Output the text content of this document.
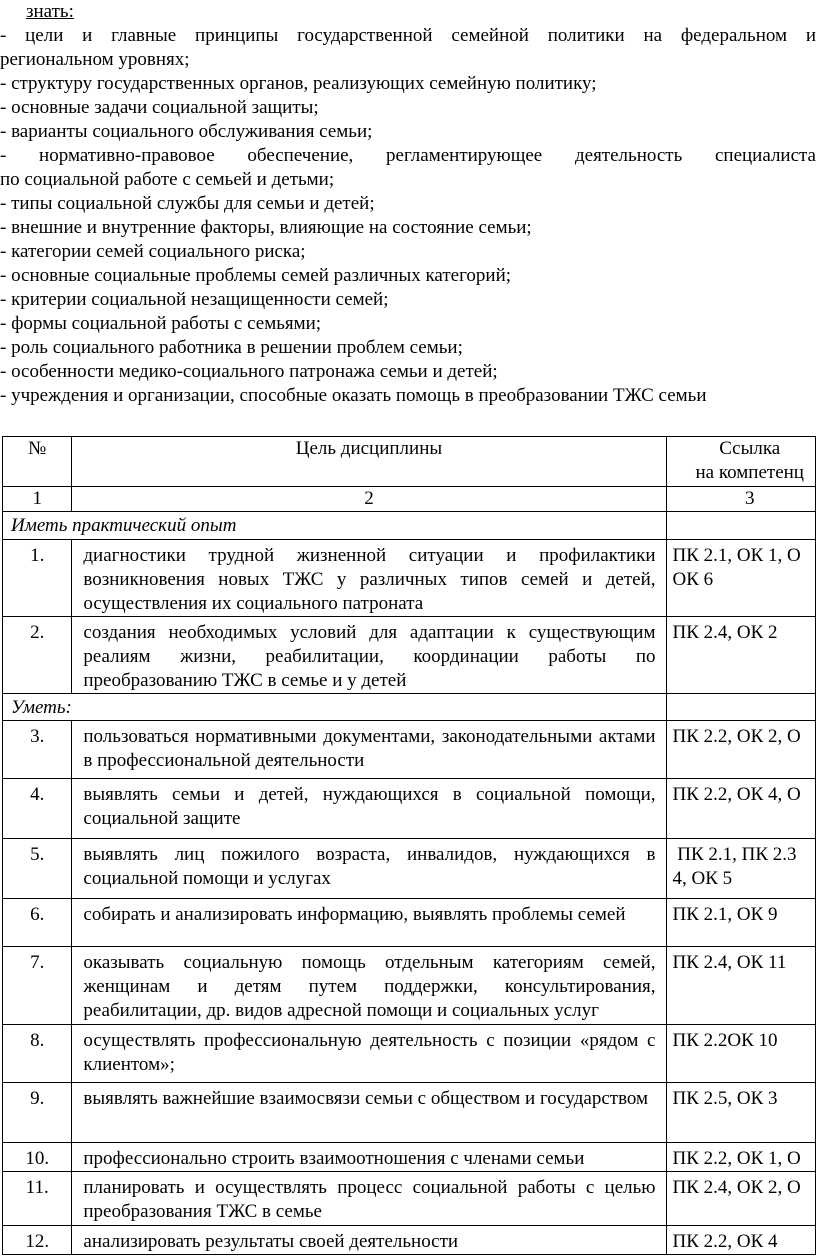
знать:
- цели и главные принципы государственной семейной политики на федеральном и
региональном уровнях;
- структуру государственных органов, реализующих семейную политику;
- основные задачи социальной защиты;
- варианты социального обслуживания семьи;
- нормативно-правовое обеспечение, регламентирующее деятельность специалиста
по социальной работе с семьей и детьми;
- типы социальной службы для семьи и детей;
- внешние и внутренние факторы, влияющие на состояние семьи;
- категории семей социального риска;
- основные социальные проблемы семей различных категорий;
- критерии социальной незащищенности семей;
- формы социальной работы с семьями;
- роль социального работника в решении проблем семьи;
- особенности медико-социального патронажа семьи и детей;
- учреждения и организации, способные оказать помощь в преобразовании ТЖС семьи
№	Цель дисциплины	Ссылка
на компетенц

1	2	3
Иметь практический опыт		

1.	диагностики трудной жизненной ситуации и профилактики возникновения новых ТЖС у различных типов семей и детей, осуществления их социального патроната	ПК 2.1, ОК 1, О
ОК 6

2.	создания необходимых условий для адаптации к существующим реалиям жизни, реабилитации, координации работы по преобразованию ТЖС в семье и у детей	ПК 2.4, ОК 2

Уметь:		

3.	пользоваться нормативными документами, законодательными актами в профессиональной деятельности	ПК 2.2, ОК 2, О

4.	выявлять семьи и детей, нуждающихся в социальной помощи, социальной защите	ПК 2.2, ОК 4, О

5.	выявлять лиц пожилого возраста, инвалидов, нуждающихся в социальной помощи и услугах	ПК 2.1, ПК 2.3
4, ОК 5

6.	собирать и анализировать информацию, выявлять проблемы семей	ПК 2.1, ОК 9

7.	оказывать социальную помощь отдельным категориям семей, женщинам и детям путем поддержки, консультирования, реабилитации, др. видов адресной помощи и социальных услуг	ПК 2.4, ОК 11

8.	осуществлять профессиональную деятельность с позиции «рядом с клиентом»;	ПК 2.2ОК 10

9.	выявлять важнейшие взаимосвязи семьи с обществом и государством	ПК 2.5, ОК 3

10.	профессионально строить взаимоотношения с членами семьи	ПК 2.2, ОК 1, О

11.	планировать и осуществлять процесс социальной работы с целью преобразования ТЖС в семье	ПК 2.4, ОК 2, О

12.	анализировать результаты своей деятельности	ПК 2.2, ОК 4
